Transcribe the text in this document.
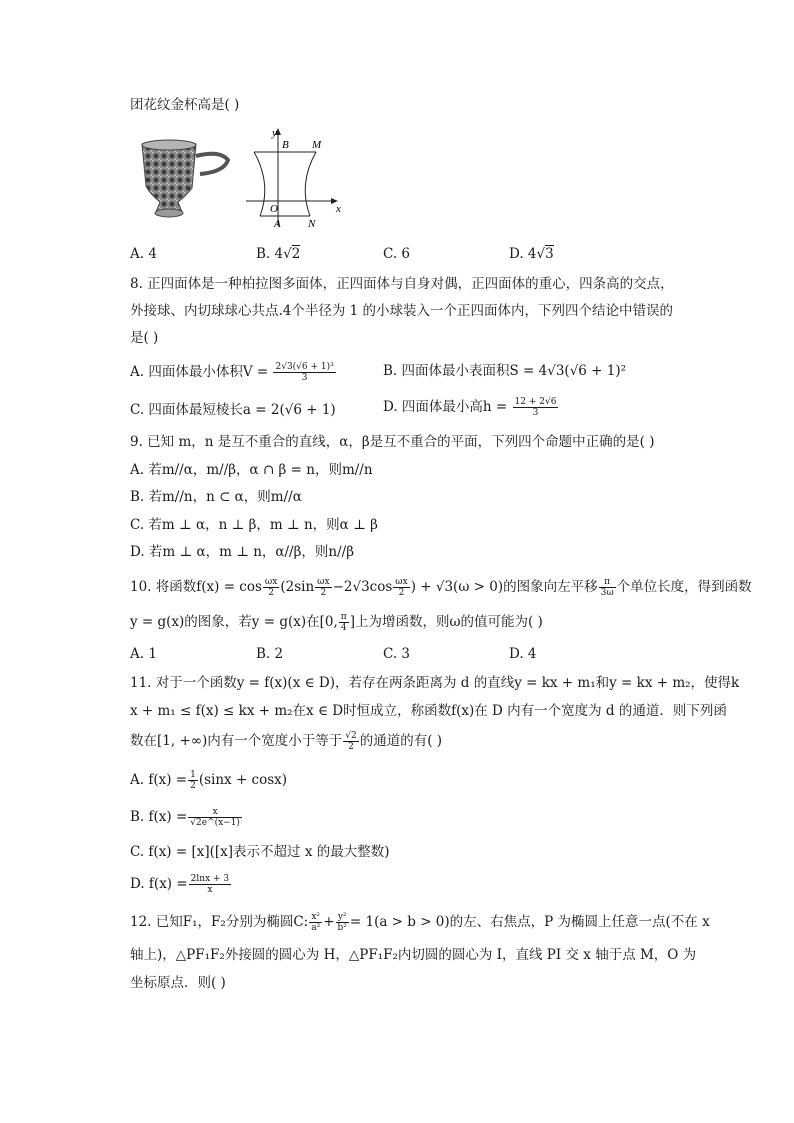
团花纹金杯高是( )
y
B M
O	x
A N
A. 4	B. 4√2	C. 6	D. 4√3
8. 正四面体是一种柏拉图多面体，正四面体与自身对偶，正四面体的重心，四条高的交点，
外接球、内切球球心共点.4个半径为 1 的小球装入一个正四面体内，下列四个结论中错误的
是( )
A. 四面体最小体积$V = \frac{\text{2√3(√6 + 1)³}}{3}$	B. 四面体最小表面积S = 4√3(√6 + 1)²
C. 四面体最短棱长a = 2(√6 + 1)	D. 四面体最小高$h = \frac{12 + 2√6}{3}$
9. 已知 m，n 是互不重合的直线，α，β是互不重合的平面，下列四个命题中正确的是( )
A. 若m//α，m//β，α ∩ β = n，则m//n
B. 若m//n，n ⊂ α，则m//α
C. 若m ⊥ α，n ⊥ β，m ⊥ n，则α ⊥ β
D. 若m ⊥ α，m ⊥ n，α//β，则n//β
10. 将函数$f(x) = \cos \frac{\omega x}{2} (2\sin \frac{\omega x}{2} -2√3\cos \frac{\omega x}{2}$ ) + √3(ω > 0)的图象向左平移 $\frac{\pi}{3\omega}$ 个单位长度，得到函数
y = g(x)的图象，若y = g(x)在[0, $\frac{\pi}{4}$ ]上为增函数，则ω的值可能为( )
A. 1	B. 2	C. 3	D. 4
11. 对于一个函数y = f(x)(x ∈ D)，若存在两条距离为 d 的直线y = kx + m₁和y = kx + m₂，使得k
x + m₁ ≤ f(x) ≤ kx + m₂在x ∈ D时恒成立，称函数f(x)在 D 内有一个宽度为 d 的通道．则下列函
数在[1, +∞)内有一个宽度小于等于 $\frac{√2}{2}$ 的通道的有( )
A. $f(x) = \frac{1}{2} (\sin x + \cos x)$
B. $f(x) = \frac{x}{√2e\^{}(x-1)}$
C. f(x) = [x]([x]表示不超过 x 的最大整数)
D. $f(x) = \frac{2\ln x + 3}{x}$
12. 已知F₁，F₂分别为椭圆C: $\frac{\text{x²}}{\text{a²}} + \frac{\text{y²}}{\text{b²}} = 1(a > b > 0)$的左、右焦点，P 为椭圆上任意一点(不在 x
轴上)，△PF₁F₂外接圆的圆心为 H，△PF₁F₂内切圆的圆心为 I，直线 PI 交 x 轴于点 M，O 为
坐标原点．则( )
